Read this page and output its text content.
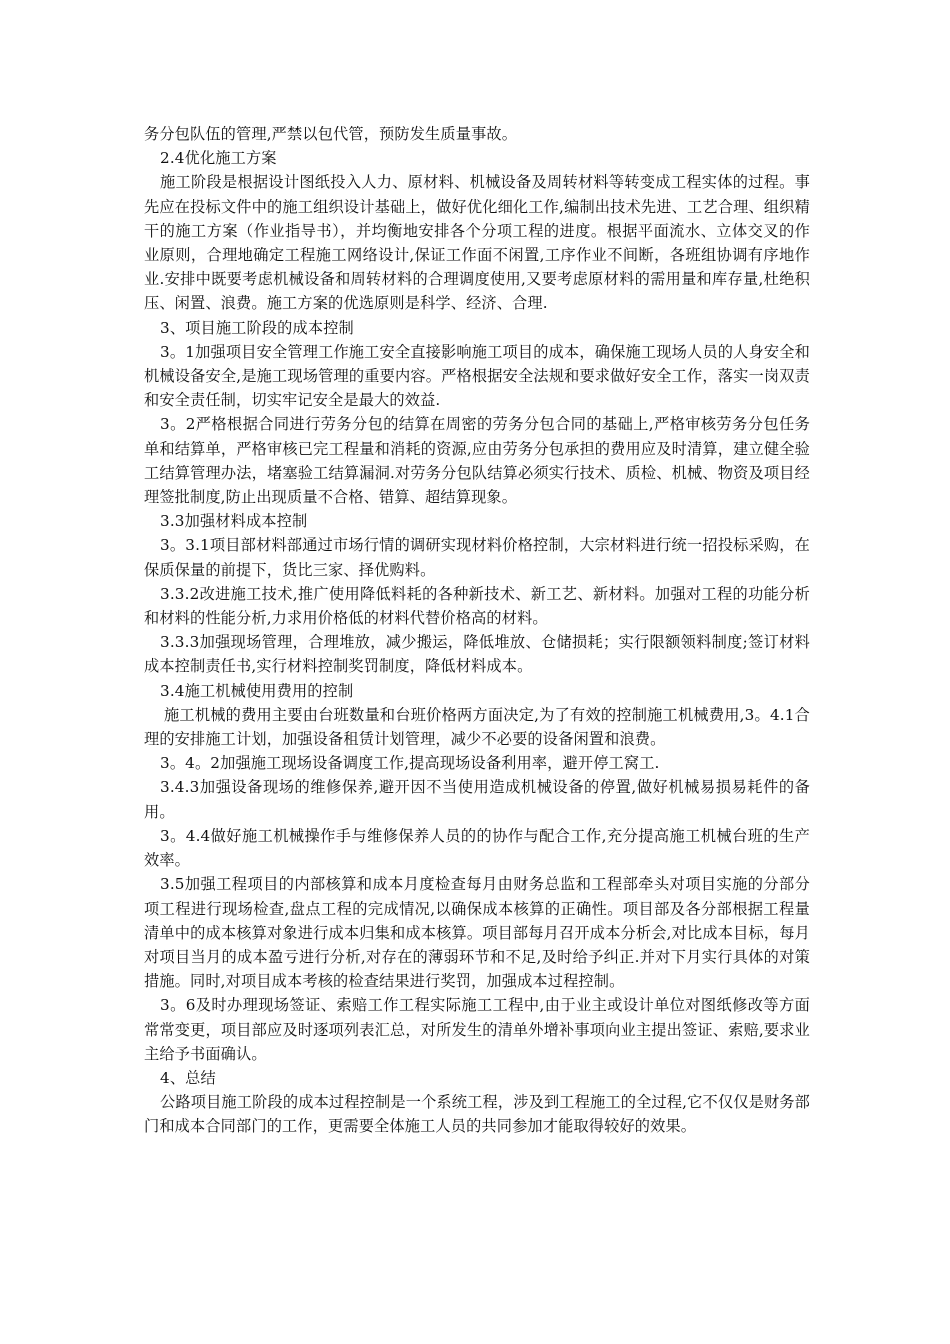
务分包队伍的管理,严禁以包代管，预防发生质量事故。

2.4优化施工方案

施工阶段是根据设计图纸投入人力、原材料、机械设备及周转材料等转变成工程实体的过程。事先应在投标文件中的施工组织设计基础上，做好优化细化工作,编制出技术先进、工艺合理、组织精干的施工方案（作业指导书），并均衡地安排各个分项工程的进度。根据平面流水、立体交叉的作业原则，合理地确定工程施工网络设计,保证工作面不闲置,工序作业不间断，各班组协调有序地作业.安排中既要考虑机械设备和周转材料的合理调度使用,又要考虑原材料的需用量和库存量,杜绝积压、闲置、浪费。施工方案的优选原则是科学、经济、合理.

3、项目施工阶段的成本控制

3。1加强项目安全管理工作施工安全直接影响施工项目的成本，确保施工现场人员的人身安全和机械设备安全,是施工现场管理的重要内容。严格根据安全法规和要求做好安全工作，落实一岗双责和安全责任制，切实牢记安全是最大的效益.

3。2严格根据合同进行劳务分包的结算在周密的劳务分包合同的基础上,严格审核劳务分包任务单和结算单，严格审核已完工程量和消耗的资源,应由劳务分包承担的费用应及时清算，建立健全验工结算管理办法，堵塞验工结算漏洞.对劳务分包队结算必须实行技术、质检、机械、物资及项目经理签批制度,防止出现质量不合格、错算、超结算现象。

3.3加强材料成本控制

3。3.1项目部材料部通过市场行情的调研实现材料价格控制，大宗材料进行统一招投标采购，在保质保量的前提下，货比三家、择优购料。

3.3.2改进施工技术,推广使用降低料耗的各种新技术、新工艺、新材料。加强对工程的功能分析和材料的性能分析,力求用价格低的材料代替价格高的材料。

3.3.3加强现场管理，合理堆放，减少搬运，降低堆放、仓储损耗；实行限额领料制度;签订材料成本控制责任书,实行材料控制奖罚制度，降低材料成本。

3.4施工机械使用费用的控制

施工机械的费用主要由台班数量和台班价格两方面决定,为了有效的控制施工机械费用,3。4.1合理的安排施工计划，加强设备租赁计划管理，减少不必要的设备闲置和浪费。

3。4。2加强施工现场设备调度工作,提高现场设备利用率，避开停工窝工.

3.4.3加强设备现场的维修保养,避开因不当使用造成机械设备的停置,做好机械易损易耗件的备用。

3。4.4做好施工机械操作手与维修保养人员的的协作与配合工作,充分提高施工机械台班的生产效率。

3.5加强工程项目的内部核算和成本月度检查每月由财务总监和工程部牵头对项目实施的分部分项工程进行现场检查,盘点工程的完成情况,以确保成本核算的正确性。项目部及各分部根据工程量清单中的成本核算对象进行成本归集和成本核算。项目部每月召开成本分析会,对比成本目标，每月对项目当月的成本盈亏进行分析,对存在的薄弱环节和不足,及时给予纠正.并对下月实行具体的对策措施。同时,对项目成本考核的检查结果进行奖罚，加强成本过程控制。

3。6及时办理现场签证、索赔工作工程实际施工工程中,由于业主或设计单位对图纸修改等方面常常变更，项目部应及时逐项列表汇总，对所发生的清单外增补事项向业主提出签证、索赔,要求业主给予书面确认。

4、总结

公路项目施工阶段的成本过程控制是一个系统工程，涉及到工程施工的全过程,它不仅仅是财务部门和成本合同部门的工作，更需要全体施工人员的共同参加才能取得较好的效果。
